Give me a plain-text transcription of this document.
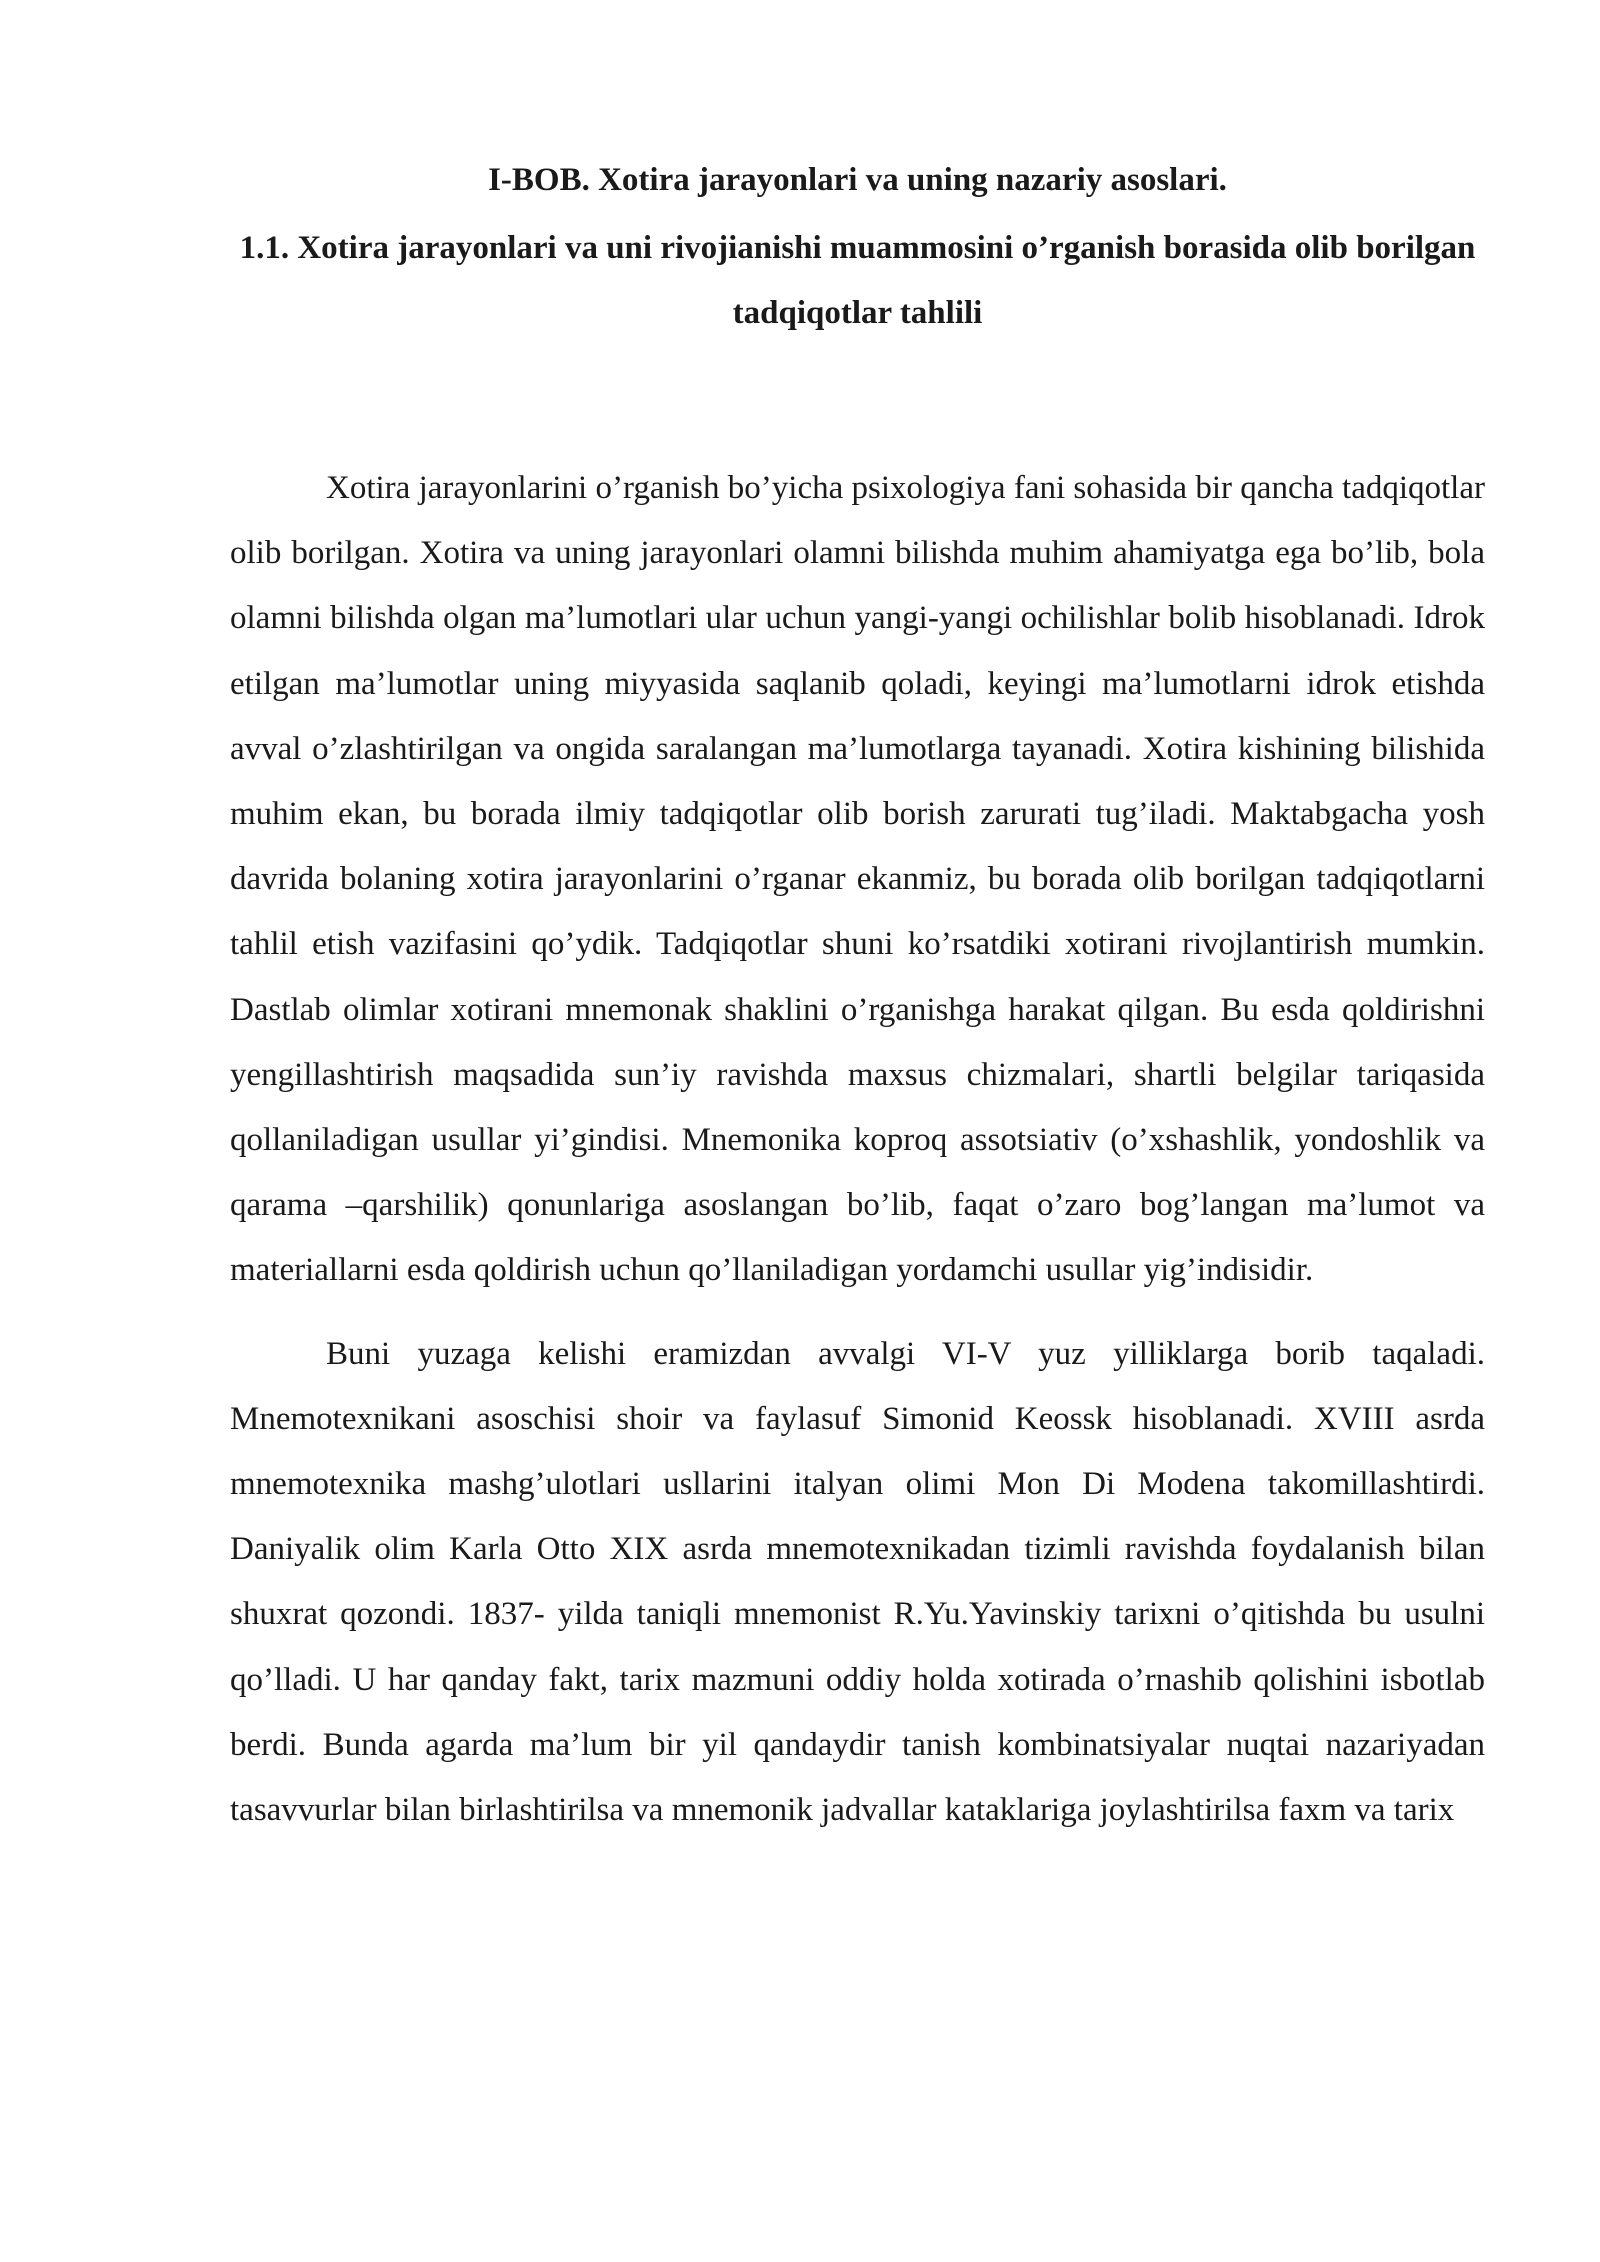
I-BOB. Xotira jarayonlari va uning nazariy asoslari.
1.1. Xotira jarayonlari va uni rivojianishi muammosini o’rganish borasida olib borilgan tadqiqotlar tahlili

Xotira jarayonlarini o’rganish bo’yicha psixologiya fani sohasida bir qancha tadqiqotlar olib borilgan. Xotira va uning jarayonlari olamni bilishda muhim ahamiyatga ega bo’lib, bola olamni bilishda olgan ma’lumotlari ular uchun yangi-yangi ochilishlar bolib hisoblanadi. Idrok etilgan ma’lumotlar uning miyyasida saqlanib qoladi, keyingi ma’lumotlarni idrok etishda avval o’zlashtirilgan va ongida saralangan ma’lumotlarga tayanadi. Xotira kishining bilishida muhim ekan, bu borada ilmiy tadqiqotlar olib borish zarurati tug’iladi. Maktabgacha yosh davrida bolaning xotira jarayonlarini o’rganar ekanmiz, bu borada olib borilgan tadqiqotlarni tahlil etish vazifasini qo’ydik. Tadqiqotlar shuni ko’rsatdiki xotirani rivojlantirish mumkin. Dastlab olimlar xotirani mnemonak shaklini o’rganishga harakat qilgan. Bu esda qoldirishni yengillashtirish maqsadida sun’iy ravishda maxsus chizmalari, shartli belgilar tariqasida qollaniladigan usullar yi’gindisi. Mnemonika koproq assotsiativ (o’xshashlik, yondoshlik va qarama –qarshilik) qonunlariga asoslangan bo’lib, faqat o’zaro bog’langan ma’lumot va materiallarni esda qoldirish uchun qo’llaniladigan yordamchi usullar yig’indisidir.

Buni yuzaga kelishi eramizdan avvalgi VI-V yuz yilliklarga borib taqaladi. Mnemotexnikani asoschisi shoir va faylasuf Simonid Keossk hisoblanadi. XVIII asrda mnemotexnika mashg’ulotlari usllarini italyan olimi Mon Di Modena takomillashtirdi. Daniyalik olim Karla Otto XIX asrda mnemotexnikadan tizimli ravishda foydalanish bilan shuxrat qozondi. 1837- yilda taniqli mnemonist R.Yu.Yavinskiy tarixni o’qitishda bu usulni qo’lladi. U har qanday fakt, tarix mazmuni oddiy holda xotirada o’rnashib qolishini isbotlab berdi. Bunda agarda ma’lum bir yil qandaydir tanish kombinatsiyalar nuqtai nazariyadan tasavvurlar bilan birlashtirilsa va mnemonik jadvallar kataklariga joylashtirilsa faxm va tarix
